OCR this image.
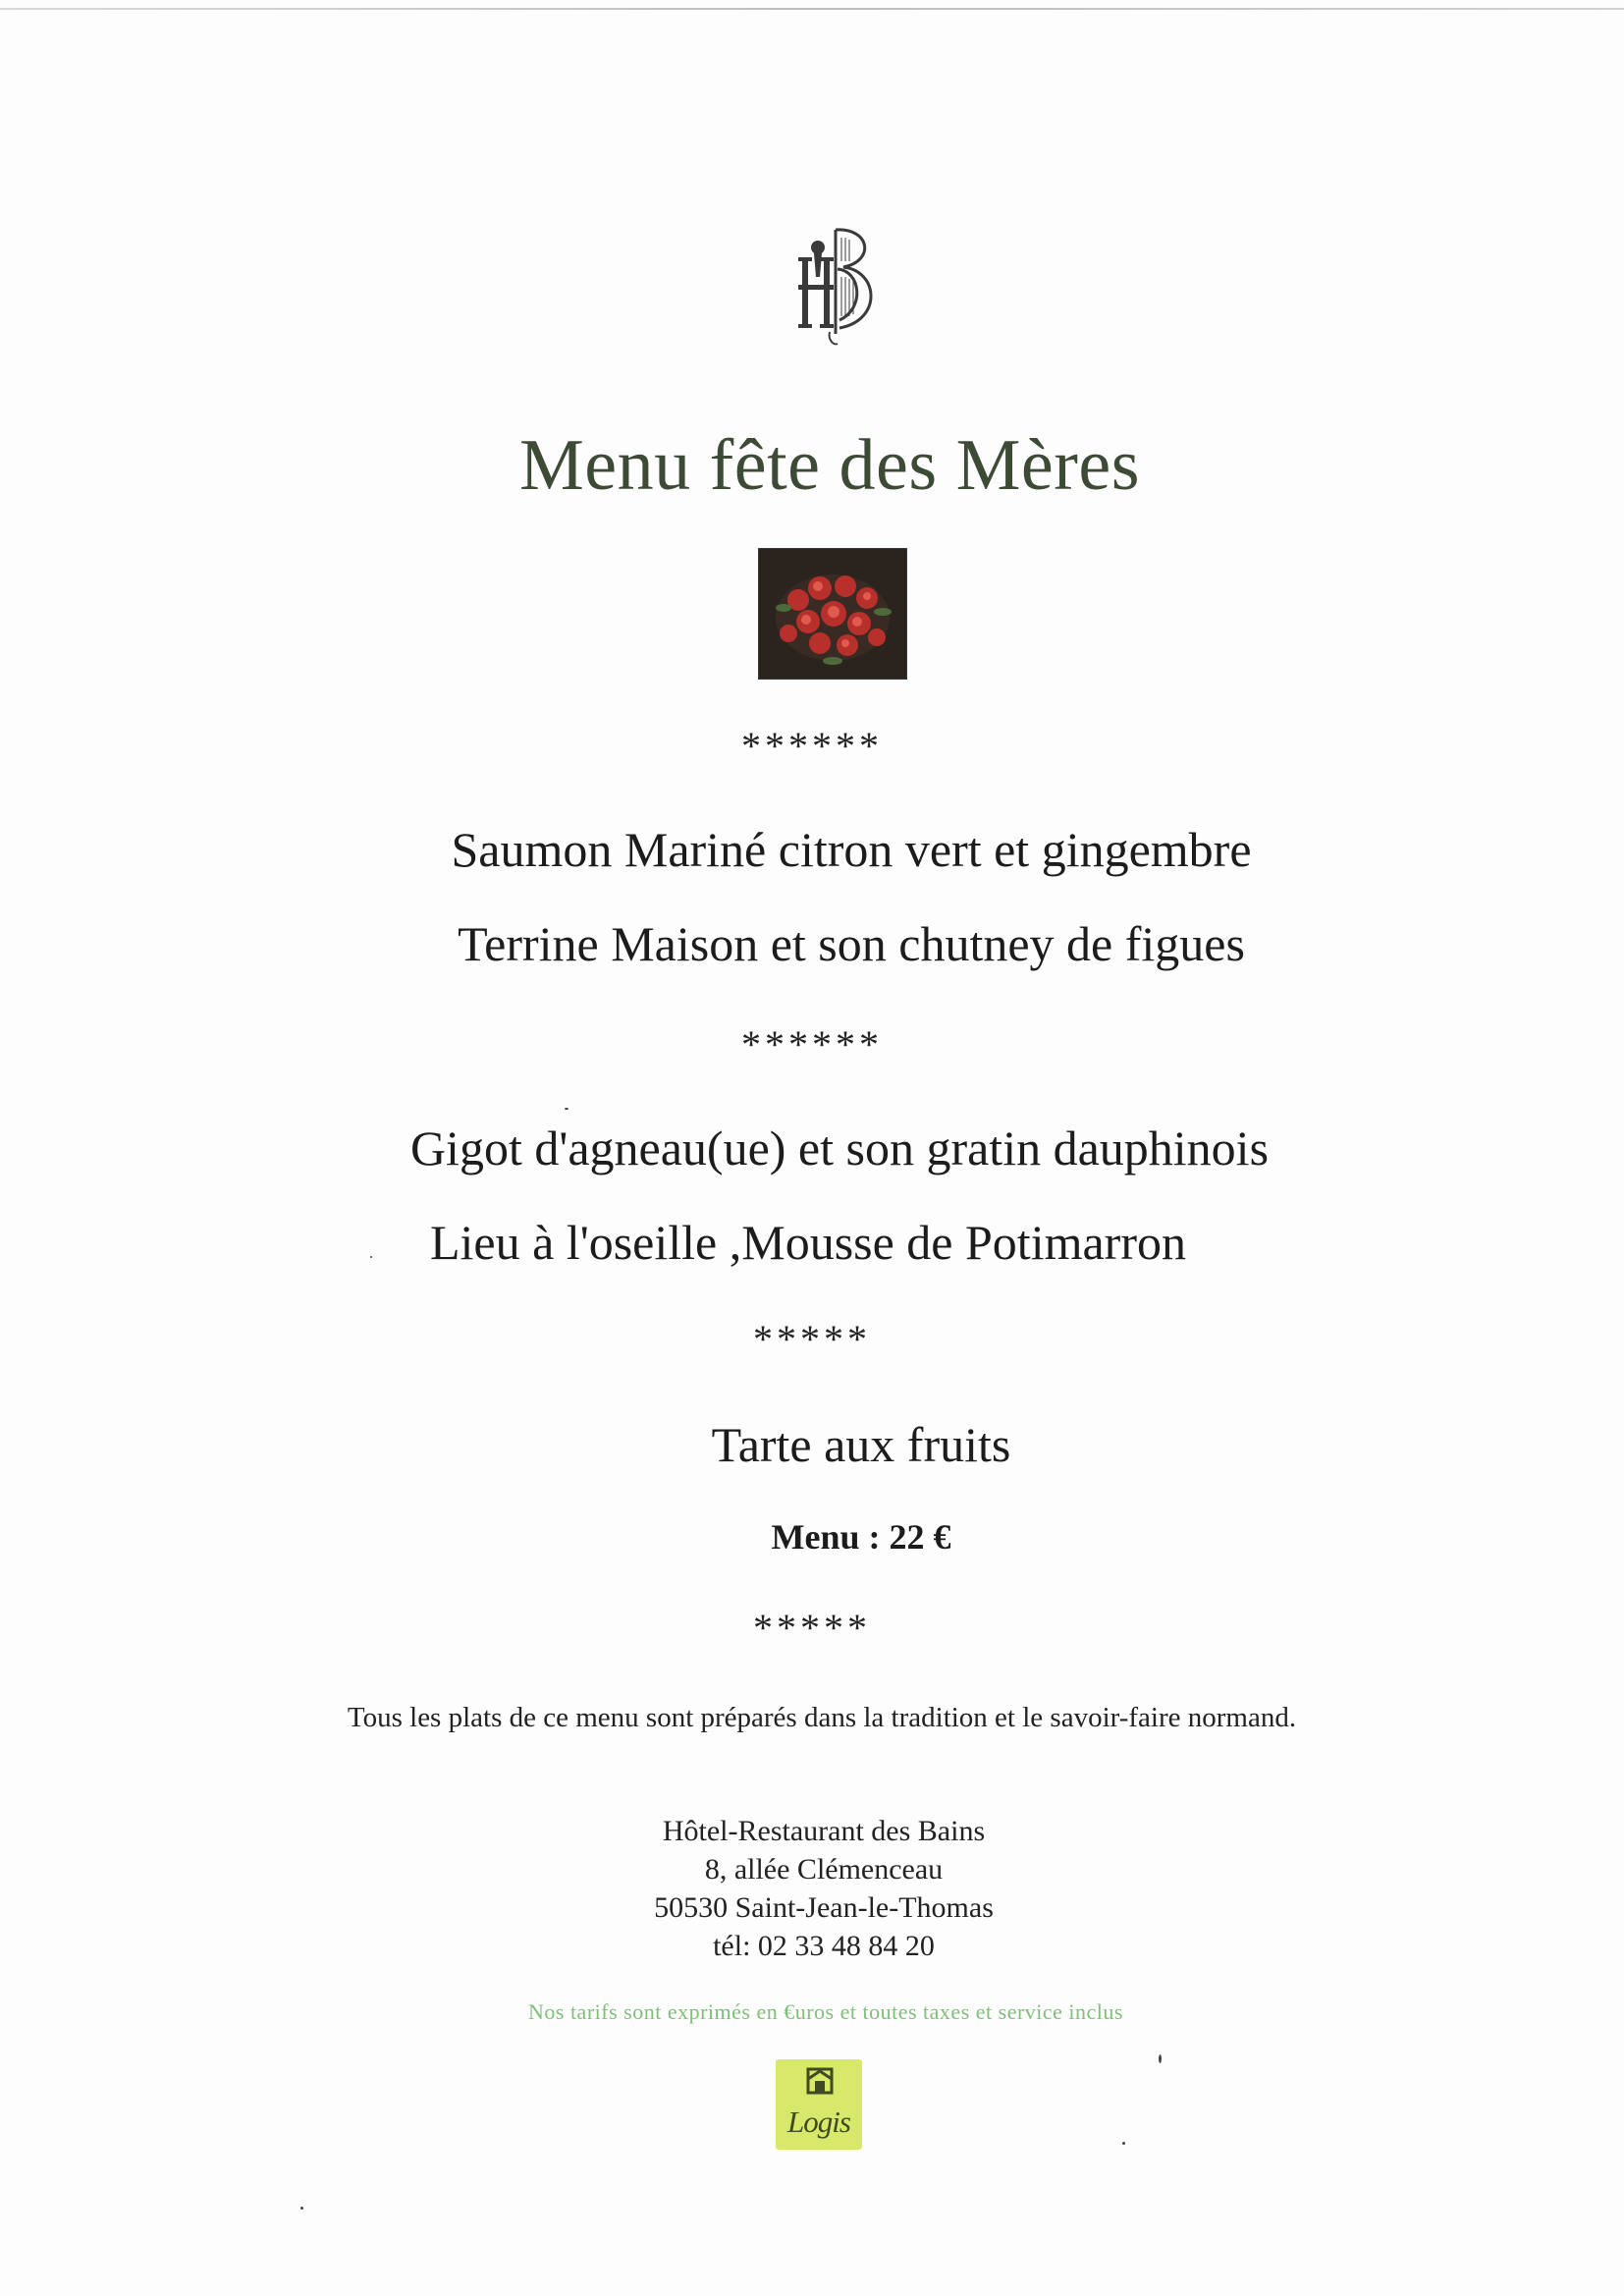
Menu fête des Mères
******
Saumon Mariné citron vert et gingembre
Terrine Maison et son chutney de figues
******
Gigot d'agneau(ue) et son gratin dauphinois
Lieu à l'oseille ,Mousse de Potimarron
*****
Tarte aux fruits
Menu : 22 €
*****
Tous les plats de ce menu sont préparés dans la tradition et le savoir-faire normand.
Hôtel-Restaurant des Bains
8, allée Clémenceau
50530 Saint-Jean-le-Thomas
tél: 02 33 48 84 20
Nos tarifs sont exprimés en €uros et toutes taxes et service inclus
Logis
